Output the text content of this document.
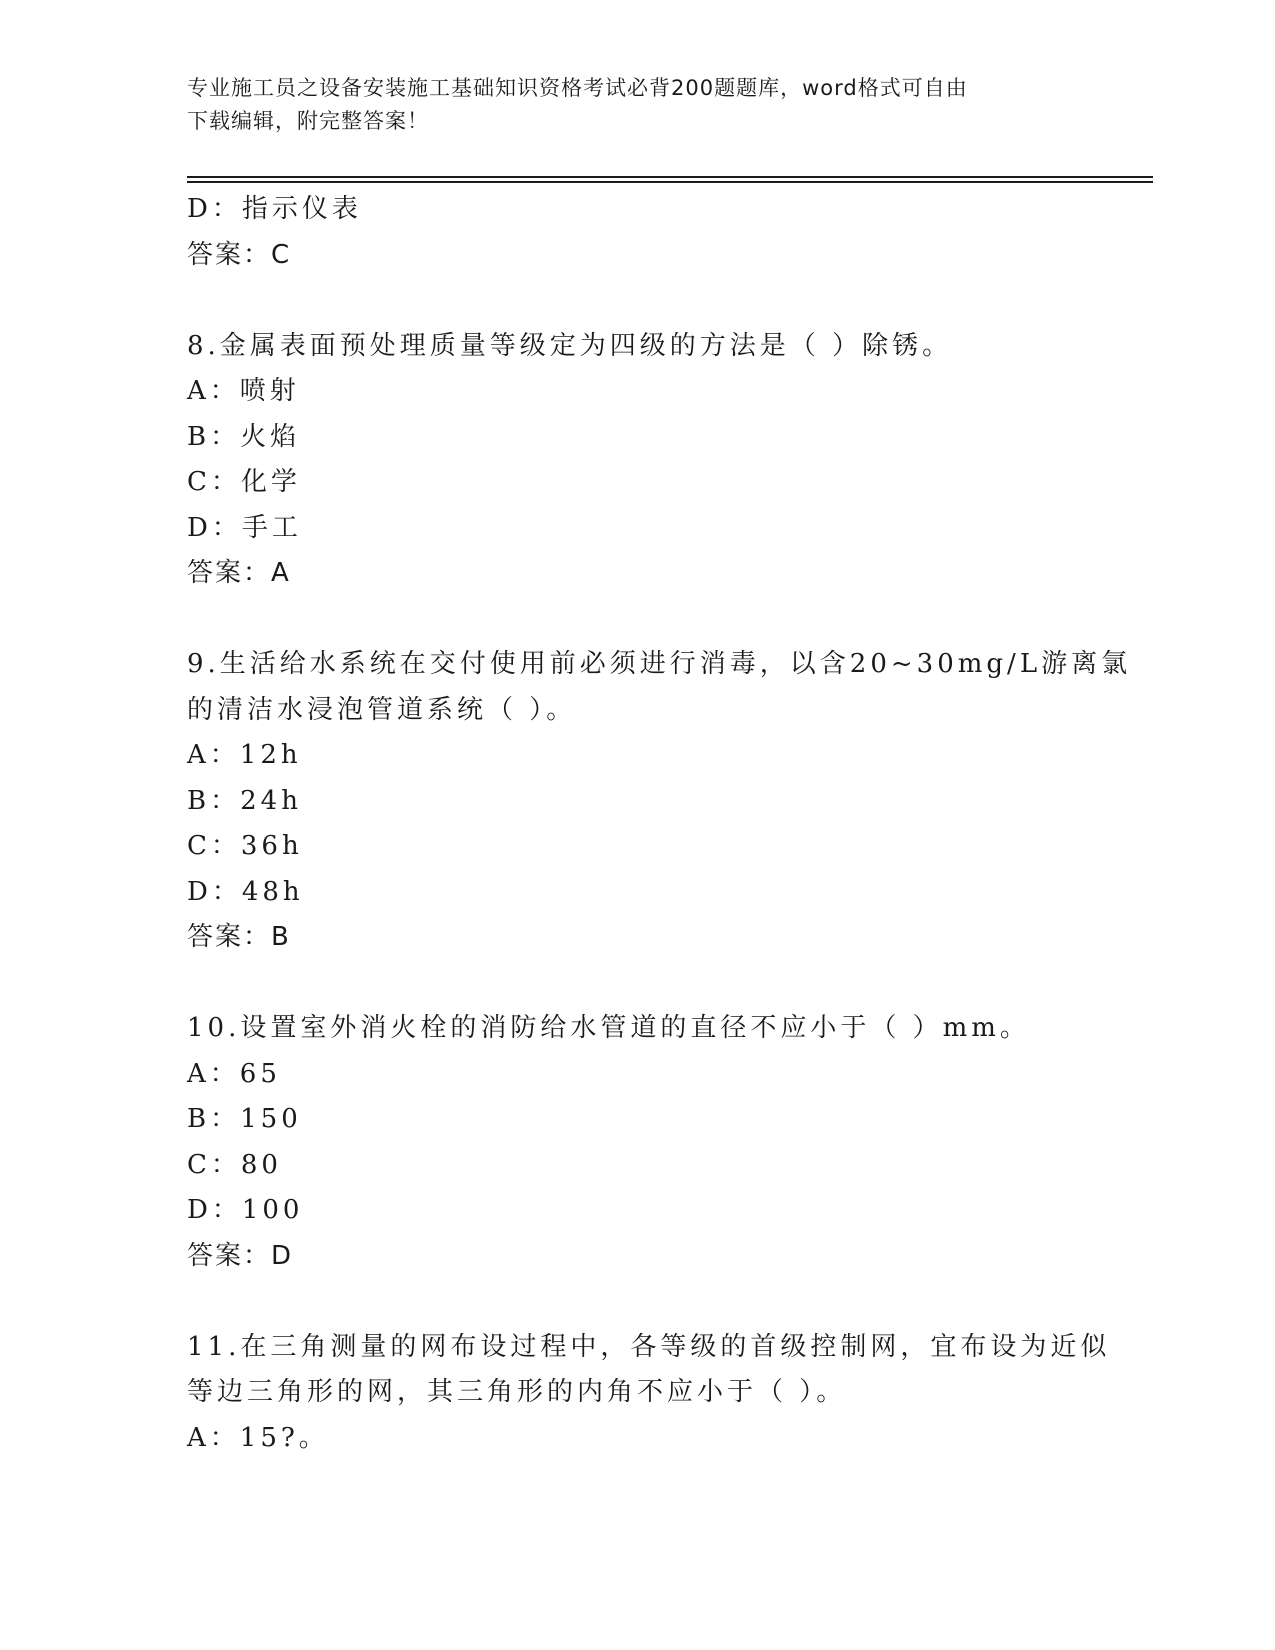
专业施工员之设备安装施工基础知识资格考试必背200题题库，word格式可自由
下载编辑，附完整答案！
D：指示仪表
答案：C
8.金属表面预处理质量等级定为四级的方法是（ ）除锈。
A：喷射
B：火焰
C：化学
D：手工
答案：A
9.生活给水系统在交付使用前必须进行消毒，以含20~30mg/L游离氯
的清洁水浸泡管道系统（ ）。
A：12h
B：24h
C：36h
D：48h
答案：B
10.设置室外消火栓的消防给水管道的直径不应小于（ ）mm。
A：65
B：150
C：80
D：100
答案：D
11.在三角测量的网布设过程中，各等级的首级控制网，宜布设为近似
等边三角形的网，其三角形的内角不应小于（ ）。
A：15?。
